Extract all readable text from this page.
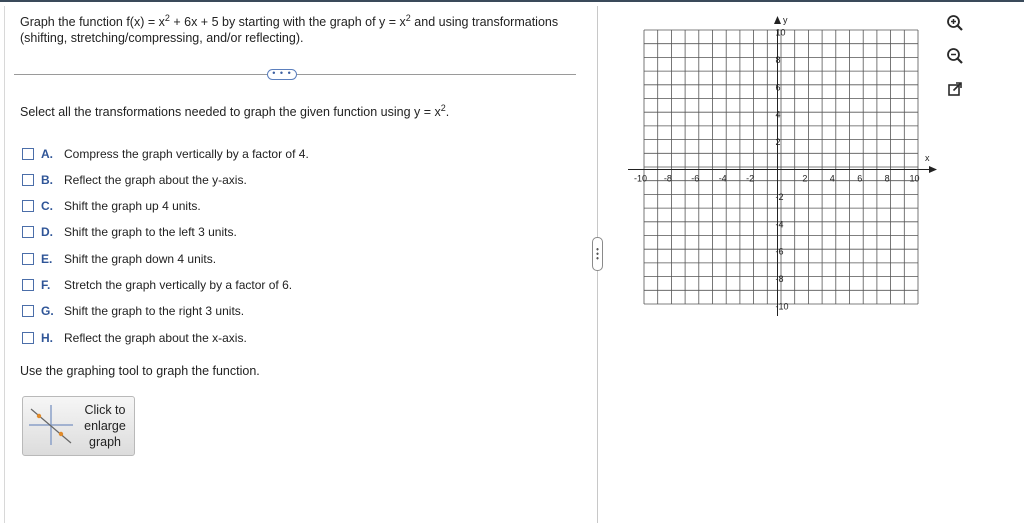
Graph the function $f(x) = x^2 + 6x + 5$ by starting with the graph of $y = x^2$ and using transformations
(shifting, stretching/compressing, and/or reflecting).
• • •
Select all the transformations needed to graph the given function using $y = x^2$.
A. Compress the graph vertically by a factor of 4.
B. Reflect the graph about the y-axis.
C. Shift the graph up 4 units.
D. Shift the graph to the left 3 units.
E. Shift the graph down 4 units.
F.	Stretch the graph vertically by a factor of 6.
G. Shift the graph to the right 3 units.
H. Reflect the graph about the x-axis.
Use the graphing tool to graph the function.
Click to
enlarge
graph
x
y
-10 -8 -6 -4 -2	2 4 6 8 10
10
8
6
4
2
-2
-4
-6
-8
-10
